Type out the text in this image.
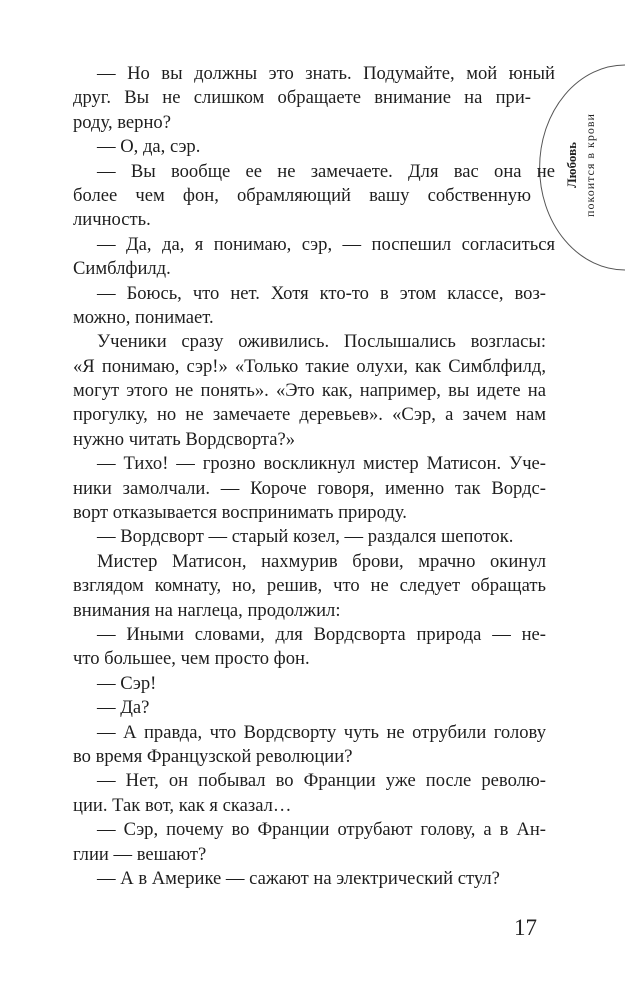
Любовь покоится в крови
— Но вы должны это знать. Подумайте, мой юный
друг. Вы не слишком обращаете внимание на при-
роду, верно?
— О, да, сэр.
— Вы вообще ее не замечаете. Для вас она не
более чем фон, обрамляющий вашу собственную
личность.
— Да, да, я понимаю, сэр, — поспешил согласиться
Симблфилд.
— Боюсь, что нет. Хотя кто-то в этом классе, воз-
можно, понимает.
Ученики сразу оживились. Послышались возгласы:
«Я понимаю, сэр!» «Только такие олухи, как Симблфилд,
могут этого не понять». «Это как, например, вы идете на
прогулку, но не замечаете деревьев». «Сэр, а зачем нам
нужно читать Вордсворта?»
— Тихо! — грозно воскликнул мистер Матисон. Уче-
ники замолчали. — Короче говоря, именно так Вордс-
ворт отказывается воспринимать природу.
— Вордсворт — старый козел, — раздался шепоток.
Мистер Матисон, нахмурив брови, мрачно окинул
взглядом комнату, но, решив, что не следует обращать
внимания на наглеца, продолжил:
— Иными словами, для Вордсворта природа — не-
что большее, чем просто фон.
— Сэр!
— Да?
— А правда, что Вордсворту чуть не отрубили голову
во время Французской революции?
— Нет, он побывал во Франции уже после револю-
ции. Так вот, как я сказал…
— Сэр, почему во Франции отрубают голову, а в Ан-
глии — вешают?
— А в Америке — сажают на электрический стул?
17
